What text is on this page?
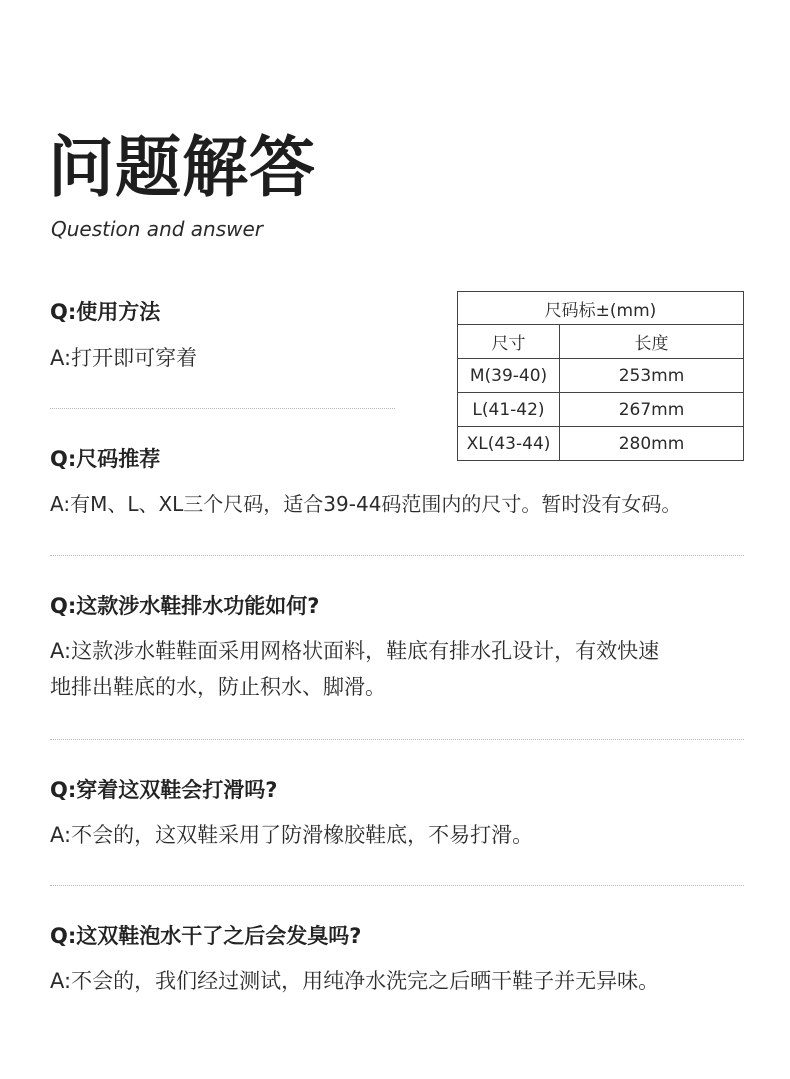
问题解答
Question and answer
Q:使用方法
A:打开即可穿着
尺码标±(mm)	
尺寸	长度
M(39-40)	253mm
L(41-42)	267mm
XL(43-44)	280mm
Q:尺码推荐
A:有M、L、XL三个尺码，适合39-44码范围内的尺寸。暂时没有女码。
Q:这款涉水鞋排水功能如何?
A:这款涉水鞋鞋面采用网格状面料，鞋底有排水孔设计，有效快速
地排出鞋底的水，防止积水、脚滑。
Q:穿着这双鞋会打滑吗?
A:不会的，这双鞋采用了防滑橡胶鞋底，不易打滑。
Q:这双鞋泡水干了之后会发臭吗?
A:不会的，我们经过测试，用纯净水洗完之后晒干鞋子并无异味。
